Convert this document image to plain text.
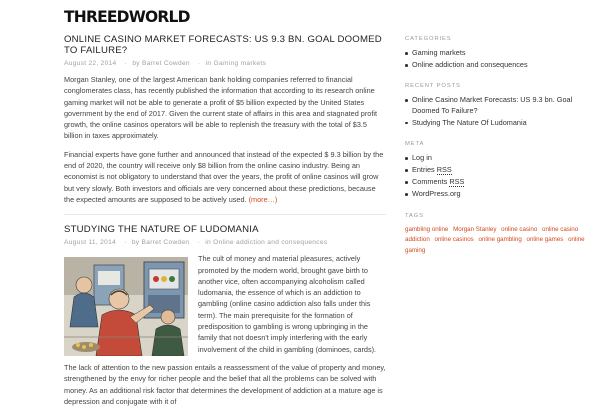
THREEDWORLD
ONLINE CASINO MARKET FORECASTS: US 9.3 BN. GOAL DOOMED TO FAILURE?
August 22, 2014 · by Barret Cowden · in Gaming markets

Morgan Stanley, one of the largest American bank holding companies referred to financial conglomerates class, has recently published the information that according to its research online gaming market will not be able to generate a profit of $5 billion expected by the United States government by the end of 2017. Given the current state of affairs in this area and stagnated profit growth, the online casinos operators will be able to replenish the treasury with the total of $3.5 billion in taxes approximately.

Financial experts have gone further and announced that instead of the expected $ 9.3 billion by the end of 2020, the country will receive only $8 billion from the online casino industry. Being an economist is not obligatory to understand that over the years, the profit of online casinos will grow but very slowly. Both investors and officials are very concerned about these predictions, because the expected amounts are supposed to be actively used. (more…)

STUDYING THE NATURE OF LUDOMANIA
August 11, 2014 · by Barret Cowden · in Online addiction and consequences

The cult of money and material pleasures, actively promoted by the modern world, brought gave birth to another vice, often accompanying alcoholism called ludomania, the essence of which is an addiction to gambling (online casino addiction also falls under this term). The main prerequisite for the formation of predisposition to gambling is wrong upbringing in the family that not doesn't imply interfering with the early involvement of the child in gambling (dominoes, cards).

The lack of attention to the new passion entails a reassessment of the value of property and money, strengthened by the envy for richer people and the belief that all the problems can be solved with money. As an additional risk factor that determines the development of addiction at a mature age is depression and conjugate with it of

CATEGORIES
Gaming markets
Online addiction and consequences
RECENT POSTS
Online Casino Market Forecasts: US 9.3 bn. Goal Doomed To Failure?
Studying The Nature Of Ludomania
META
Log in
Entries RSS
Comments RSS
WordPress.org
TAGS
gambling online Morgan Stanley online casino online casino addiction online casinos online gambling online games online gaming
